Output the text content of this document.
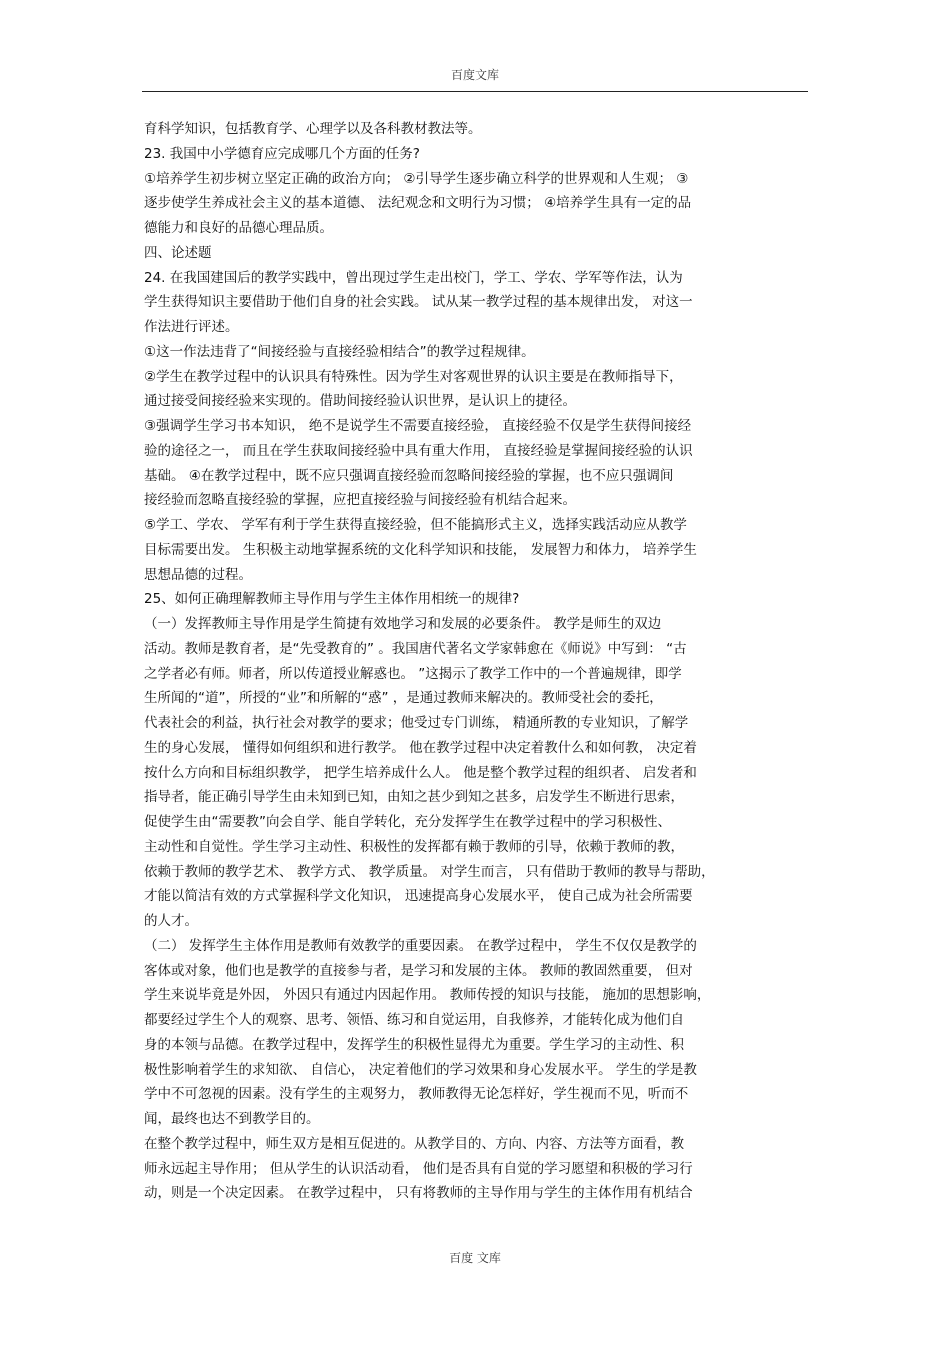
百度文库
育科学知识，包括教育学、心理学以及各科教材教法等。
23. 我国中小学德育应完成哪几个方面的任务?
①培养学生初步树立坚定正确的政治方向； ②引导学生逐步确立科学的世界观和人生观； ③
逐步使学生养成社会主义的基本道德、 法纪观念和文明行为习惯； ④培养学生具有一定的品
德能力和良好的品德心理品质。
四、论述题
24. 在我国建国后的教学实践中，曾出现过学生走出校门，学工、学农、学军等作法，认为
学生获得知识主要借助于他们自身的社会实践。 试从某一教学过程的基本规律出发， 对这一
作法进行评述。
①这一作法违背了“间接经验与直接经验相结合”的教学过程规律。
②学生在教学过程中的认识具有特殊性。因为学生对客观世界的认识主要是在教师指导下，
通过接受间接经验来实现的。借助间接经验认识世界，是认识上的捷径。
③强调学生学习书本知识， 绝不是说学生不需要直接经验， 直接经验不仅是学生获得间接经
验的途径之一， 而且在学生获取间接经验中具有重大作用， 直接经验是掌握间接经验的认识
基础。 ④在教学过程中，既不应只强调直接经验而忽略间接经验的掌握，也不应只强调间
接经验而忽略直接经验的掌握，应把直接经验与间接经验有机结合起来。
⑤学工、学农、 学军有利于学生获得直接经验，但不能搞形式主义，选择实践活动应从教学
目标需要出发。 生积极主动地掌握系统的文化科学知识和技能， 发展智力和体力， 培养学生
思想品德的过程。
25、如何正确理解教师主导作用与学生主体作用相统一的规律?
（一）发挥教师主导作用是学生简捷有效地学习和发展的必要条件。 教学是师生的双边
活动。教师是教育者，是“先受教育的” 。我国唐代著名文学家韩愈在《师说》中写到： “古
之学者必有师。师者，所以传道授业解惑也。 ”这揭示了教学工作中的一个普遍规律，即学
生所闻的“道”，所授的“业”和所解的“惑” ，是通过教师来解决的。教师受社会的委托，
代表社会的利益，执行社会对教学的要求；他受过专门训练， 精通所教的专业知识，了解学
生的身心发展， 懂得如何组织和进行教学。 他在教学过程中决定着教什么和如何教， 决定着
按什么方向和目标组织教学， 把学生培养成什么人。 他是整个教学过程的组织者、 启发者和
指导者，能正确引导学生由未知到已知，由知之甚少到知之甚多，启发学生不断进行思索，
促使学生由“需要教”向会自学、能自学转化，充分发挥学生在教学过程中的学习积极性、
主动性和自觉性。学生学习主动性、积极性的发挥都有赖于教师的引导，依赖于教师的教，
依赖于教师的教学艺术、 教学方式、 教学质量。 对学生而言， 只有借助于教师的教导与帮助，
才能以简洁有效的方式掌握科学文化知识， 迅速提高身心发展水平， 使自己成为社会所需要
的人才。
（二） 发挥学生主体作用是教师有效教学的重要因素。 在教学过程中， 学生不仅仅是教学的
客体或对象，他们也是教学的直接参与者，是学习和发展的主体。 教师的教固然重要， 但对
学生来说毕竟是外因， 外因只有通过内因起作用。 教师传授的知识与技能， 施加的思想影响，
都要经过学生个人的观察、思考、领悟、练习和自觉运用，自我修养，才能转化成为他们自
身的本领与品德。在教学过程中，发挥学生的积极性显得尤为重要。学生学习的主动性、积
极性影响着学生的求知欲、 自信心， 决定着他们的学习效果和身心发展水平。 学生的学是教
学中不可忽视的因素。没有学生的主观努力， 教师教得无论怎样好，学生视而不见，听而不
闻，最终也达不到教学目的。
在整个教学过程中，师生双方是相互促进的。从教学目的、方向、内容、方法等方面看，教
师永远起主导作用； 但从学生的认识活动看， 他们是否具有自觉的学习愿望和积极的学习行
动，则是一个决定因素。 在教学过程中， 只有将教师的主导作用与学生的主体作用有机结合
百度 文库
